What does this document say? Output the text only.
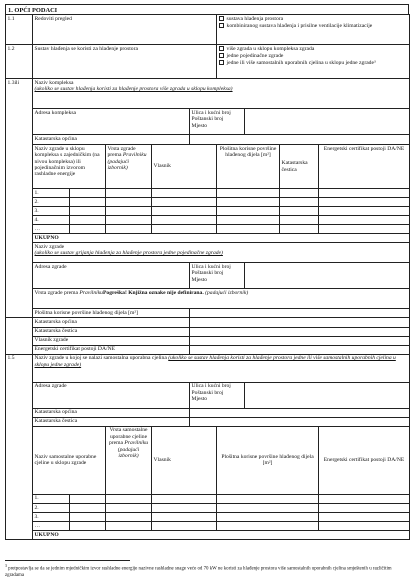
1. OPĆI PODACI
1.1	Redoviti pregled					sustava hlađenja prostora
kombiniranog sustava hlađenja i prisilne ventilacije klimatizacije			

1.2	Sustav hlađenja se koristi za hlađenje prostora					više zgrada u sklopu kompleksa zgrada
jedne pojedinačne zgrade
jedne ili više samostalnih uporabnih cjelina u sklopu jedne zgrade³			

1.3ili	Naziv kompleksa
(ukoliko se sustav hlađenja koristi za hlađenje prostora više zgrada u sklopu kompleksa)								

	Adresa kompleksa				Ulica i kućni broj
Poštanski broj
Mjesto				

	Katastarska općina								
	Naziv zgrade u sklopu kompleksa s zajedničkim (na nivou kompleksa) ili pojedinačnim izvorom rashladne energije		Vrsta zgrade prema Pravilniku (padajući izbornik)	Vlasnik		Plošitna korisne površine hlađenog dijela [m²]		Katastarska čestica	Energetski certifikat postoji DA/NE
	1.								
	2.								
	3.								
	4.								
	…								
	UKUPNO								

	Naziv zgrade
(ukoliko se sustav grijanja hlađenja za hlađenje prostora jedne pojedinačne zgrade)								

	Adresa zgrade				Ulica i kućni broj
Poštanski broj
Mjesto				

	Vrsta zgrade prema PravilnikuPogreška! Knjižna oznake nije definirana. (padajući izbornik)								
	Plošitna korisne površine hlađenog dijela [m²]								
	Katastarska općina							
	Katastarska čestica							
	Vlasnik zgrade							
	Energetski certifikat postoji DA/NE							
1.5	Naziv zgrade u kojoj se nalazi samostalna uporabna cjelina (ukoliko se sustav hlađenja koristi za hlađenje prostora jedne ili više samostalnih uporabnih cjelina u sklopu jedne zgrade)							
	Adresa zgrade				Ulica i kućni broj
Poštanski broj
Mjesto			

	Katastarska općina							
	Katastarska čestica							
	Naziv samostalne uporabne cjeline u sklopu zgrade		Vrsta samostalne uporabne cjeline prema Pravilniku (padajući izbornik)	Vlasnik		Plošitna korisne površine hlađenog dijela [m²]		Energetski certifikat postoji DA/NE
	1.							
	2.							
	3.							
	…							
	UKUPNO							
$^3$ pretpostavlja se da se jednim mjedničkim izvor rashladne energije nazivne rashladne snage veće od 70 kW ne koristi za hlađenje prostora više samostalnih uporabnih cjelina smještenih u različitim zgradama
